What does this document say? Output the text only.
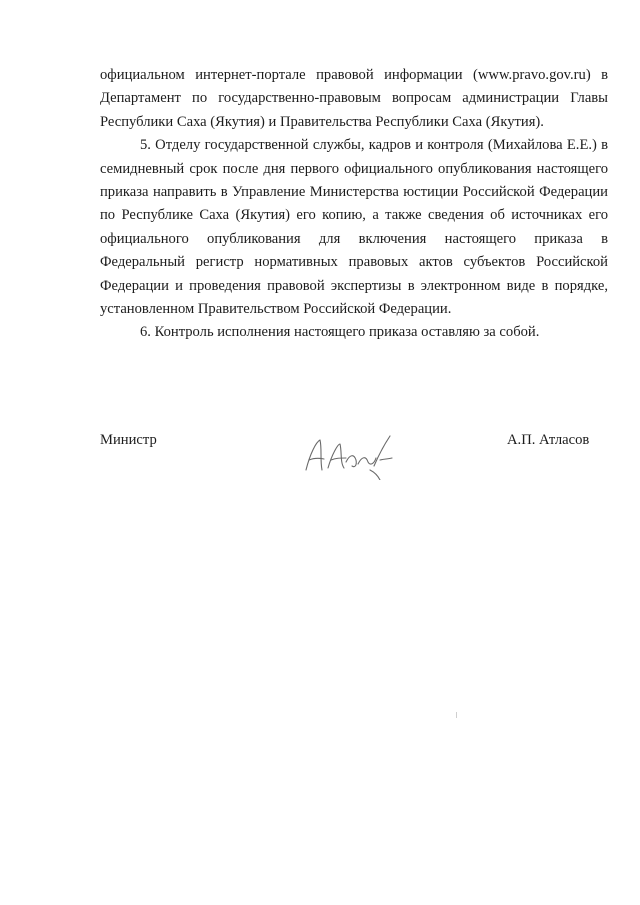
официальном интернет-портале правовой информации (www.pravo.gov.ru) в Департамент по государственно-правовым вопросам администрации Главы Республики Саха (Якутия) и Правительства Республики Саха (Якутия).

5. Отделу государственной службы, кадров и контроля (Михайлова Е.Е.) в семидневный срок после дня первого официального опубликования настоящего приказа направить в Управление Министерства юстиции Российской Федерации по Республике Саха (Якутия) его копию, а также сведения об источниках его официального опубликования для включения настоящего приказа в Федеральный регистр нормативных правовых актов субъектов Российской Федерации и проведения правовой экспертизы в электронном виде в порядке, установленном Правительством Российской Федерации.

6. Контроль исполнения настоящего приказа оставляю за собой.

Министр	А.П. Атласов
